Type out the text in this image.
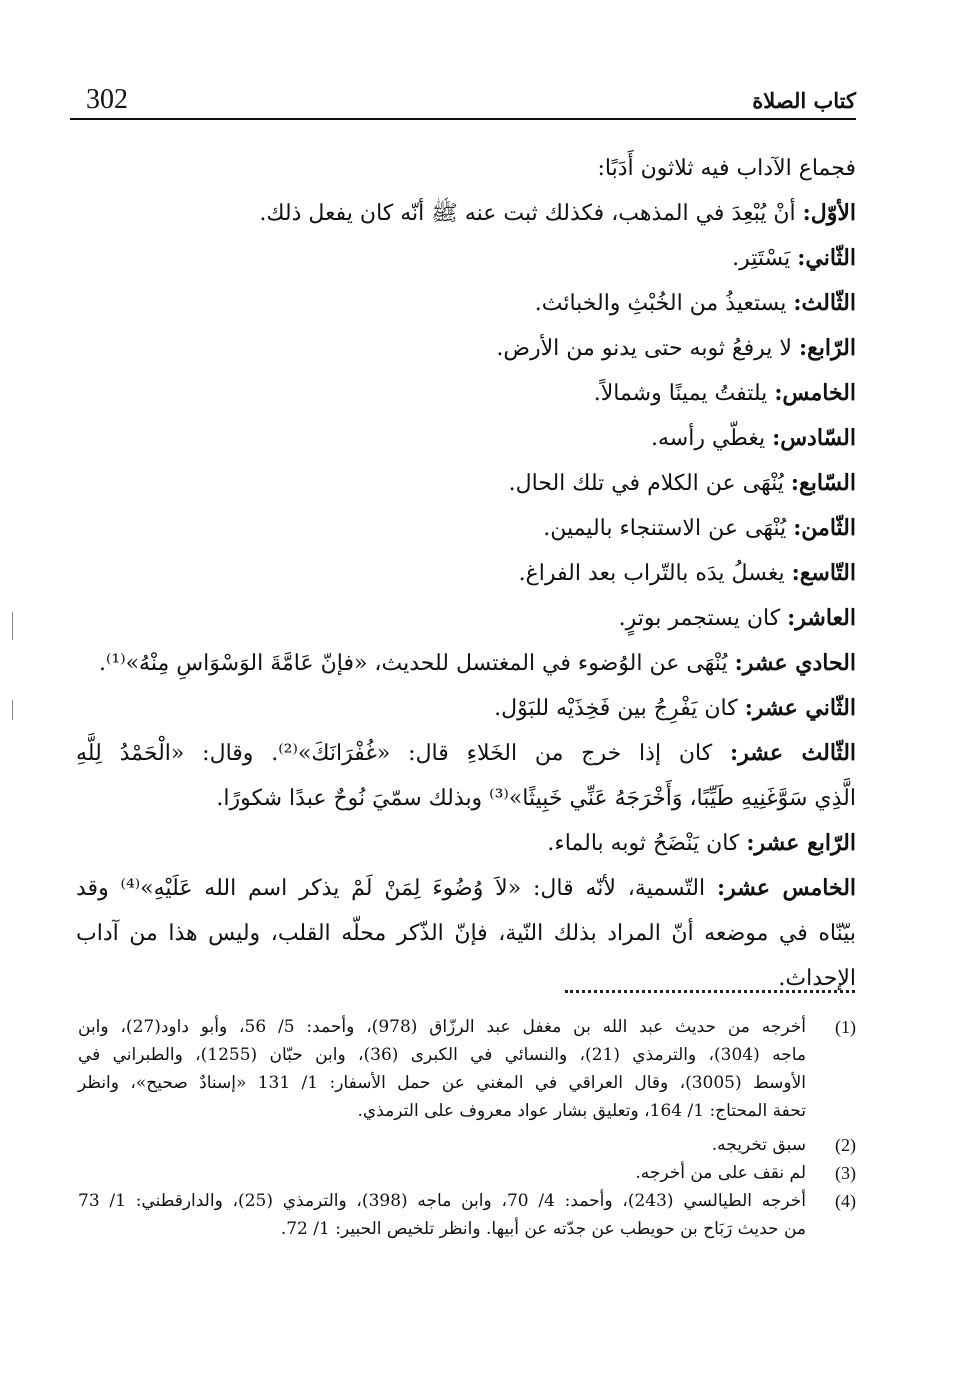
302	كتاب الصلاة
فجماع الآداب فيه ثلاثون أَدَبًا:
الأوّل: أنْ يُبْعِدَ في المذهب، فكذلك ثبت عنه ﷺ أنّه كان يفعل ذلك.
الثّاني: يَسْتَتِر.
الثّالث: يستعيذُ من الخُبْثِ والخبائث.
الرّابع: لا يرفعُ ثوبه حتى يدنو من الأرض.
الخامس: يلتفتُ يمينًا وشمالاً.
السّادس: يغطّي رأسه.
السّابع: يُنْهَى عن الكلام في تلك الحال.
الثّامن: يُنْهَى عن الاستنجاء باليمين.
التّاسع: يغسلُ يدَه بالتّراب بعد الفراغ.
العاشر: كان يستجمر بوترٍ.
الحادي عشر: يُنْهَى عن الوُضوء في المغتسل للحديث، «فإنّ عَامَّةَ الوَسْوَاسِ مِنْهُ»⁽¹⁾.
الثّاني عشر: كان يَفْرِجُ بين فَخِذَيْه للبَوْل.
الثّالث عشر: كان إذا خرج من الخَلاءِ قال: «غُفْرَانَكَ»⁽²⁾. وقال: «الْحَمْدُ لِلَّهِ
الَّذِي سَوَّغَنِيهِ طَيِّبًا، وَأَخْرَجَهُ عَنِّي خَبِيثًا»⁽³⁾ وبذلك سمّيَ نُوحٌ عبدًا شكورًا.
الرّابع عشر: كان يَنْضَحُ ثوبه بالماء.
الخامس عشر: التّسمية، لأنّه قال: «لاَ وُضُوءَ لِمَنْ لَمْ يذكر اسم الله عَلَيْهِ»⁽⁴⁾ وقد
بيّنّاه في موضعه أنّ المراد بذلك النّية، فإنّ الذّكر محلّه القلب، وليس هذا من آداب
الإحداث.
(1)
أخرجه من حديث عبد الله بن مغفل عبد الرزّاق (978)، وأحمد: 5/ 56، وأبو داود(27)، وابن
ماجه (304)، والترمذي (21)، والنسائي في الكبرى (36)، وابن حبّان (1255)، والطبراني في
الأوسط (3005)، وقال العراقي في المغني عن حمل الأسفار: 1/ 131 «إسنادٌ صحيح»، وانظر
تحفة المحتاج: 1/ 164، وتعليق بشار عواد معروف على الترمذي.
(2)
سبق تخريجه.
(3)
لم نقف على من أخرجه.
(4)
أخرجه الطيالسي (243)، وأحمد: 4/ 70، وابن ماجه (398)، والترمذي (25)، والدارقطني: 1/ 73
من حديث رَبَاح بن حويطب عن جدّته عن أبيها. وانظر تلخيص الحبير: 1/ 72.
